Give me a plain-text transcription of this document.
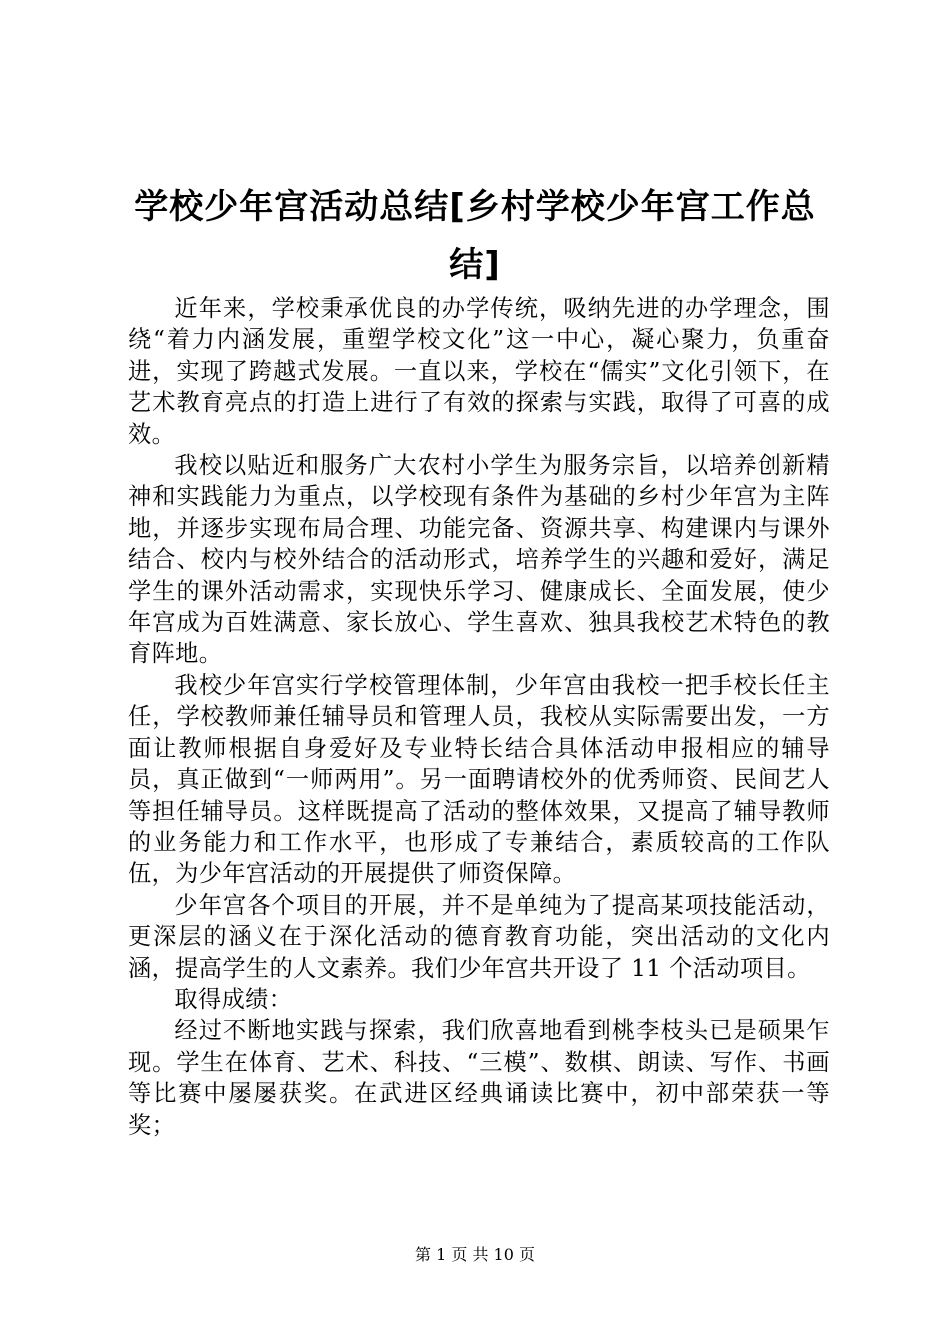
学校少年宫活动总结[乡村学校少年宫工作总结]

近年来，学校秉承优良的办学传统，吸纳先进的办学理念，围绕“着力内涵发展，重塑学校文化”这一中心，凝心聚力，负重奋进，实现了跨越式发展。一直以来，学校在“儒实”文化引领下，在艺术教育亮点的打造上进行了有效的探索与实践，取得了可喜的成效。

我校以贴近和服务广大农村小学生为服务宗旨，以培养创新精神和实践能力为重点，以学校现有条件为基础的乡村少年宫为主阵地，并逐步实现布局合理、功能完备、资源共享、构建课内与课外结合、校内与校外结合的活动形式，培养学生的兴趣和爱好，满足学生的课外活动需求，实现快乐学习、健康成长、全面发展，使少年宫成为百姓满意、家长放心、学生喜欢、独具我校艺术特色的教育阵地。

我校少年宫实行学校管理体制，少年宫由我校一把手校长任主任，学校教师兼任辅导员和管理人员，我校从实际需要出发，一方面让教师根据自身爱好及专业特长结合具体活动申报相应的辅导员，真正做到“一师两用”。另一面聘请校外的优秀师资、民间艺人等担任辅导员。这样既提高了活动的整体效果，又提高了辅导教师的业务能力和工作水平，也形成了专兼结合，素质较高的工作队伍，为少年宫活动的开展提供了师资保障。

少年宫各个项目的开展，并不是单纯为了提高某项技能活动，更深层的涵义在于深化活动的德育教育功能，突出活动的文化内涵，提高学生的人文素养。我们少年宫共开设了 11 个活动项目。

取得成绩：

经过不断地实践与探索，我们欣喜地看到桃李枝头已是硕果乍现。学生在体育、艺术、科技、“三模”、数棋、朗读、写作、书画等比赛中屡屡获奖。在武进区经典诵读比赛中，初中部荣获一等奖；

第 1 页 共 10 页
